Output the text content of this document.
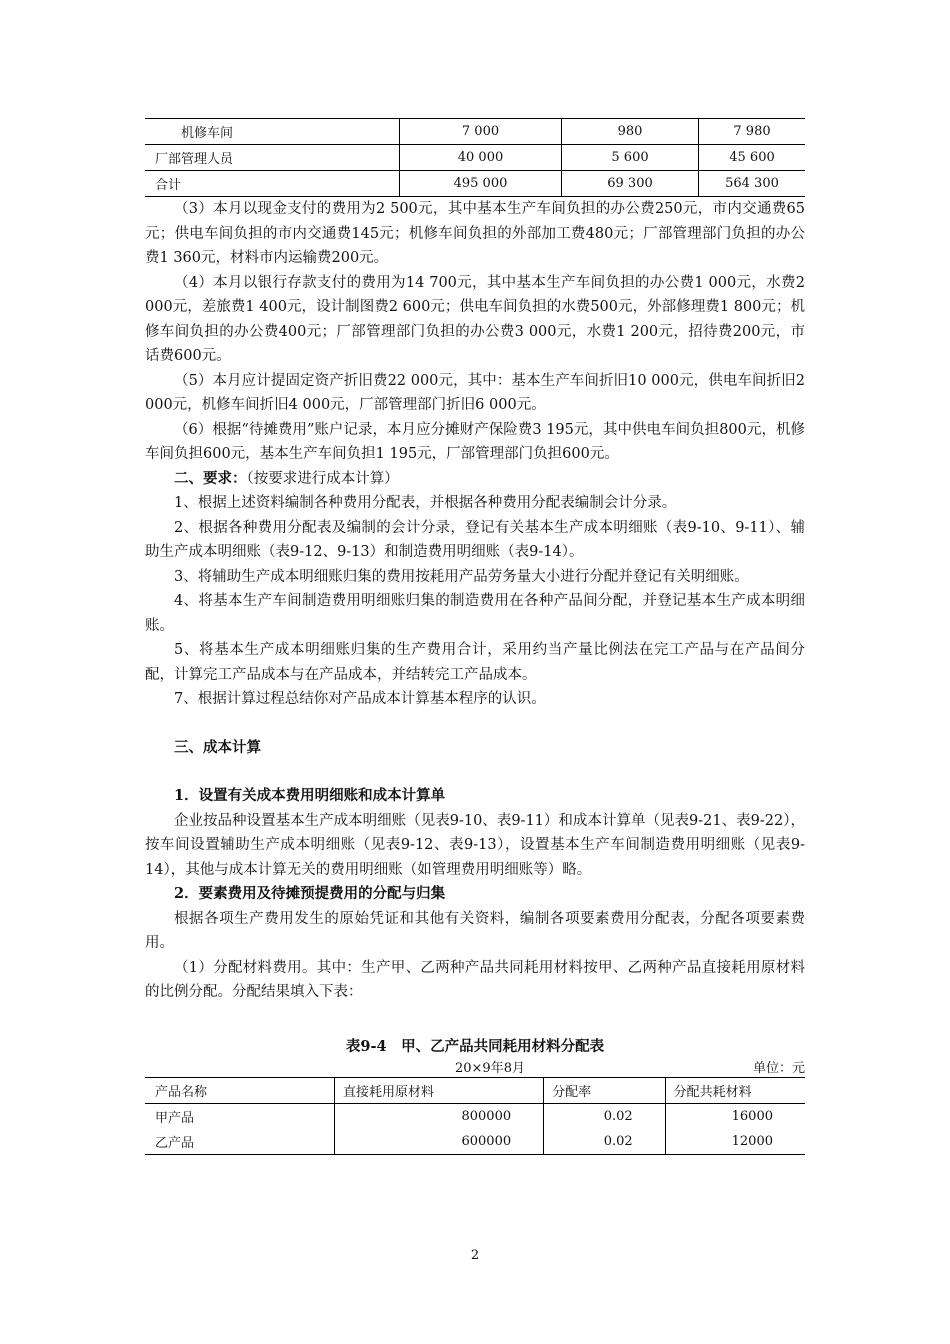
机修车间	7 000	980	7 980
厂部管理人员	40 000	5 600	45 600
合计	495 000	69 300	564 300

（3）本月以现金支付的费用为2 500元，其中基本生产车间负担的办公费250元，市内交通费65元；供电车间负担的市内交通费145元；机修车间负担的外部加工费480元；厂部管理部门负担的办公费1 360元，材料市内运输费200元。

（4）本月以银行存款支付的费用为14 700元，其中基本生产车间负担的办公费1 000元，水费2 000元，差旅费1 400元，设计制图费2 600元；供电车间负担的水费500元，外部修理费1 800元；机修车间负担的办公费400元；厂部管理部门负担的办公费3 000元，水费1 200元，招待费200元，市话费600元。

（5）本月应计提固定资产折旧费22 000元，其中：基本生产车间折旧10 000元，供电车间折旧2 000元，机修车间折旧4 000元，厂部管理部门折旧6 000元。

（6）根据“待摊费用”账户记录，本月应分摊财产保险费3 195元，其中供电车间负担800元，机修车间负担600元，基本生产车间负担1 195元，厂部管理部门负担600元。

二、要求：（按要求进行成本计算）

1、根据上述资料编制各种费用分配表，并根据各种费用分配表编制会计分录。

2、根据各种费用分配表及编制的会计分录，登记有关基本生产成本明细账（表9-10、9-11）、辅助生产成本明细账（表9-12、9-13）和制造费用明细账（表9-14）。

3、将辅助生产成本明细账归集的费用按耗用产品劳务量大小进行分配并登记有关明细账。

4、将基本生产车间制造费用明细账归集的制造费用在各种产品间分配，并登记基本生产成本明细账。

5、将基本生产成本明细账归集的生产费用合计，采用约当产量比例法在完工产品与在产品间分配，计算完工产品成本与在产品成本，并结转完工产品成本。

7、根据计算过程总结你对产品成本计算基本程序的认识。

三、成本计算

1．设置有关成本费用明细账和成本计算单

企业按品种设置基本生产成本明细账（见表9-10、表9-11）和成本计算单（见表9-21、表9-22），按车间设置辅助生产成本明细账（见表9-12、表9-13），设置基本生产车间制造费用明细账（见表9-14），其他与成本计算无关的费用明细账（如管理费用明细账等）略。

2．要素费用及待摊预提费用的分配与归集

根据各项生产费用发生的原始凭证和其他有关资料，编制各项要素费用分配表，分配各项要素费用。

（1）分配材料费用。其中：生产甲、乙两种产品共同耗用材料按甲、乙两种产品直接耗用原材料的比例分配。分配结果填入下表：

表9-4　甲、乙产品共同耗用材料分配表
20×9年8月	单位：元
产品名称	直接耗用原材料	分配率	分配共耗材料
甲产品	800000	0.02	16000
乙产品	600000	0.02	12000
2
